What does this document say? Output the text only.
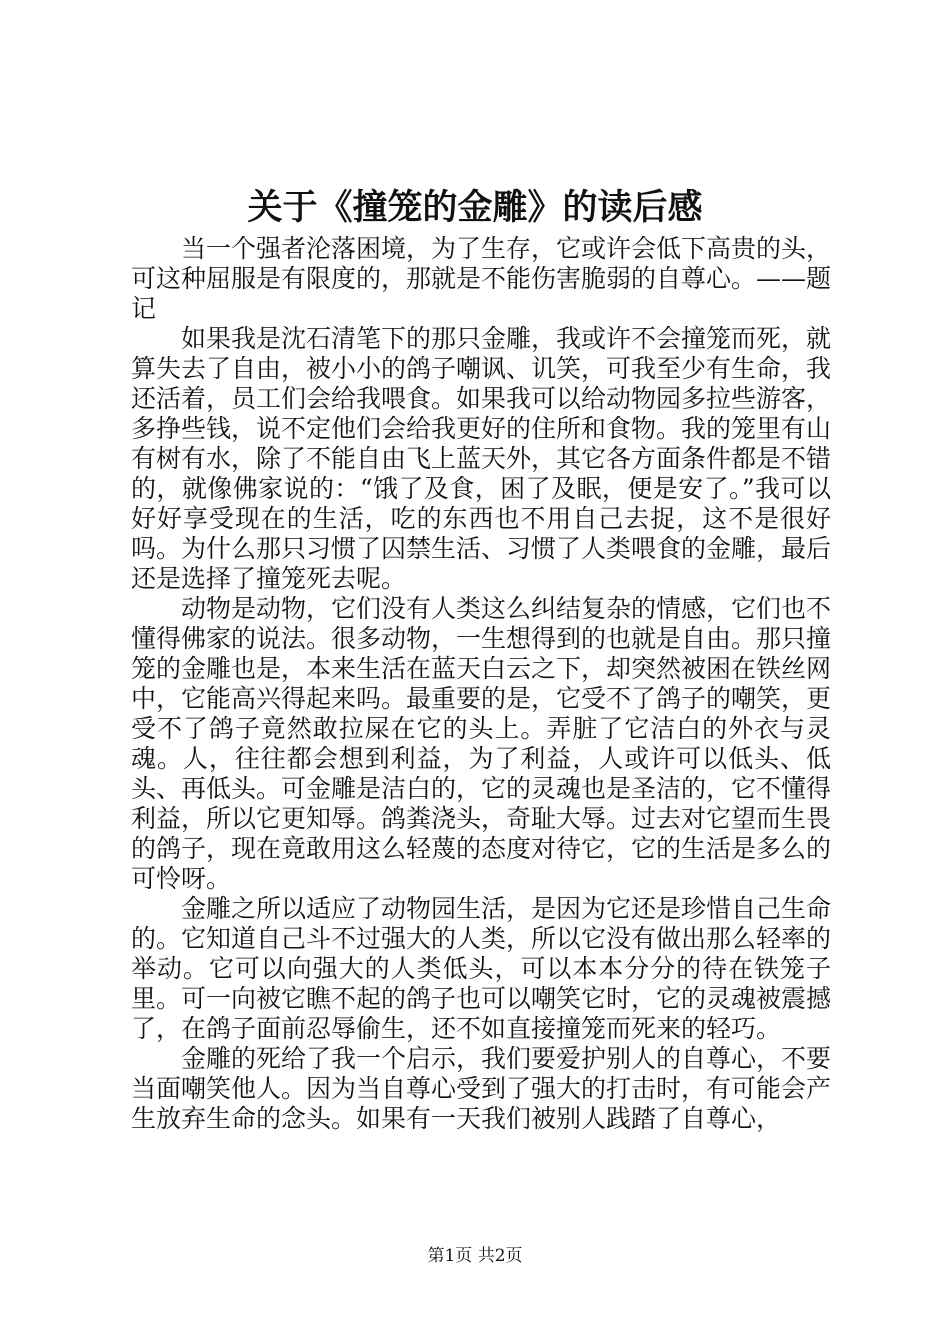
关于《撞笼的金雕》的读后感

当一个强者沦落困境，为了生存，它或许会低下高贵的头，可这种屈服是有限度的，那就是不能伤害脆弱的自尊心。——题记

如果我是沈石清笔下的那只金雕，我或许不会撞笼而死，就算失去了自由，被小小的鸽子嘲讽、讥笑，可我至少有生命，我还活着，员工们会给我喂食。如果我可以给动物园多拉些游客，多挣些钱，说不定他们会给我更好的住所和食物。我的笼里有山有树有水，除了不能自由飞上蓝天外，其它各方面条件都是不错的，就像佛家说的：“饿了及食，困了及眠，便是安了。”我可以好好享受现在的生活，吃的东西也不用自己去捉，这不是很好吗。为什么那只习惯了囚禁生活、习惯了人类喂食的金雕，最后还是选择了撞笼死去呢。

动物是动物，它们没有人类这么纠结复杂的情感，它们也不懂得佛家的说法。很多动物，一生想得到的也就是自由。那只撞笼的金雕也是，本来生活在蓝天白云之下，却突然被困在铁丝网中，它能高兴得起来吗。最重要的是，它受不了鸽子的嘲笑，更受不了鸽子竟然敢拉屎在它的头上。弄脏了它洁白的外衣与灵魂。人，往往都会想到利益，为了利益，人或许可以低头、低头、再低头。可金雕是洁白的，它的灵魂也是圣洁的，它不懂得利益，所以它更知辱。鸽粪浇头，奇耻大辱。过去对它望而生畏的鸽子，现在竟敢用这么轻蔑的态度对待它，它的生活是多么的可怜呀。

金雕之所以适应了动物园生活，是因为它还是珍惜自己生命的。它知道自己斗不过强大的人类，所以它没有做出那么轻率的举动。它可以向强大的人类低头，可以本本分分的待在铁笼子里。可一向被它瞧不起的鸽子也可以嘲笑它时，它的灵魂被震撼了，在鸽子面前忍辱偷生，还不如直接撞笼而死来的轻巧。

金雕的死给了我一个启示，我们要爱护别人的自尊心，不要当面嘲笑他人。因为当自尊心受到了强大的打击时，有可能会产生放弃生命的念头。如果有一天我们被别人践踏了自尊心，

第1页 共2页
